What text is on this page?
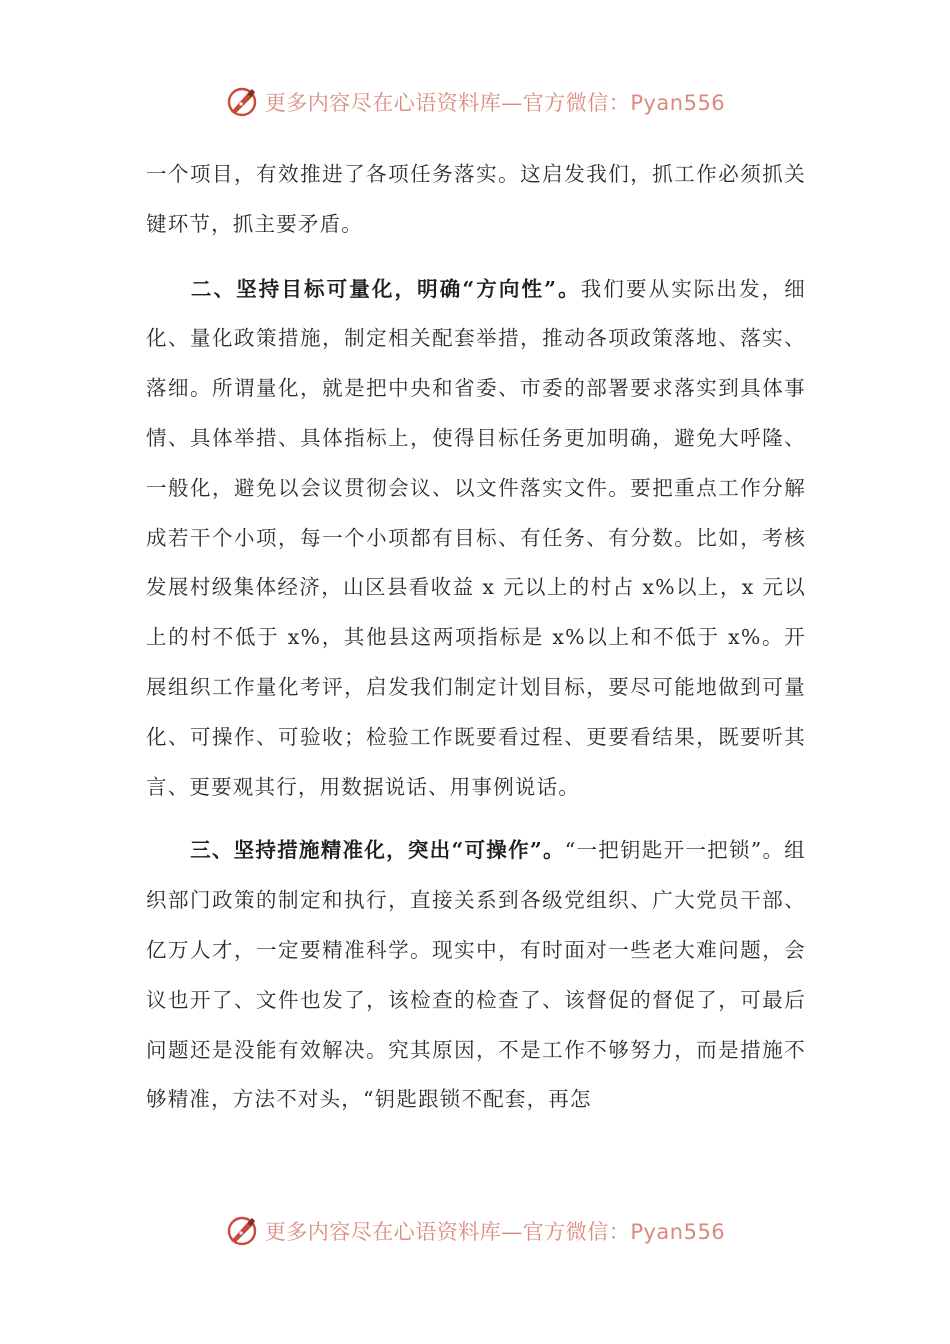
更多内容尽在心语资料库—官方微信：Pyan556

一个项目，有效推进了各项任务落实。这启发我们，抓工作必须抓关键环节，抓主要矛盾。

二、坚持目标可量化，明确“方向性”。我们要从实际出发，细化、量化政策措施，制定相关配套举措，推动各项政策落地、落实、落细。所谓量化，就是把中央和省委、市委的部署要求落实到具体事情、具体举措、具体指标上，使得目标任务更加明确，避免大呼隆、一般化，避免以会议贯彻会议、以文件落实文件。要把重点工作分解成若干个小项，每一个小项都有目标、有任务、有分数。比如，考核发展村级集体经济，山区县看收益 x 元以上的村占 x%以上，x 元以上的村不低于 x%，其他县这两项指标是 x%以上和不低于 x%。开展组织工作量化考评，启发我们制定计划目标，要尽可能地做到可量化、可操作、可验收；检验工作既要看过程、更要看结果，既要听其言、更要观其行，用数据说话、用事例说话。

三、坚持措施精准化，突出“可操作”。“一把钥匙开一把锁”。组织部门政策的制定和执行，直接关系到各级党组织、广大党员干部、亿万人才，一定要精准科学。现实中，有时面对一些老大难问题，会议也开了、文件也发了，该检查的检查了、该督促的督促了，可最后问题还是没能有效解决。究其原因，不是工作不够努力，而是措施不够精准，方法不对头，“钥匙跟锁不配套，再怎

更多内容尽在心语资料库—官方微信：Pyan556
